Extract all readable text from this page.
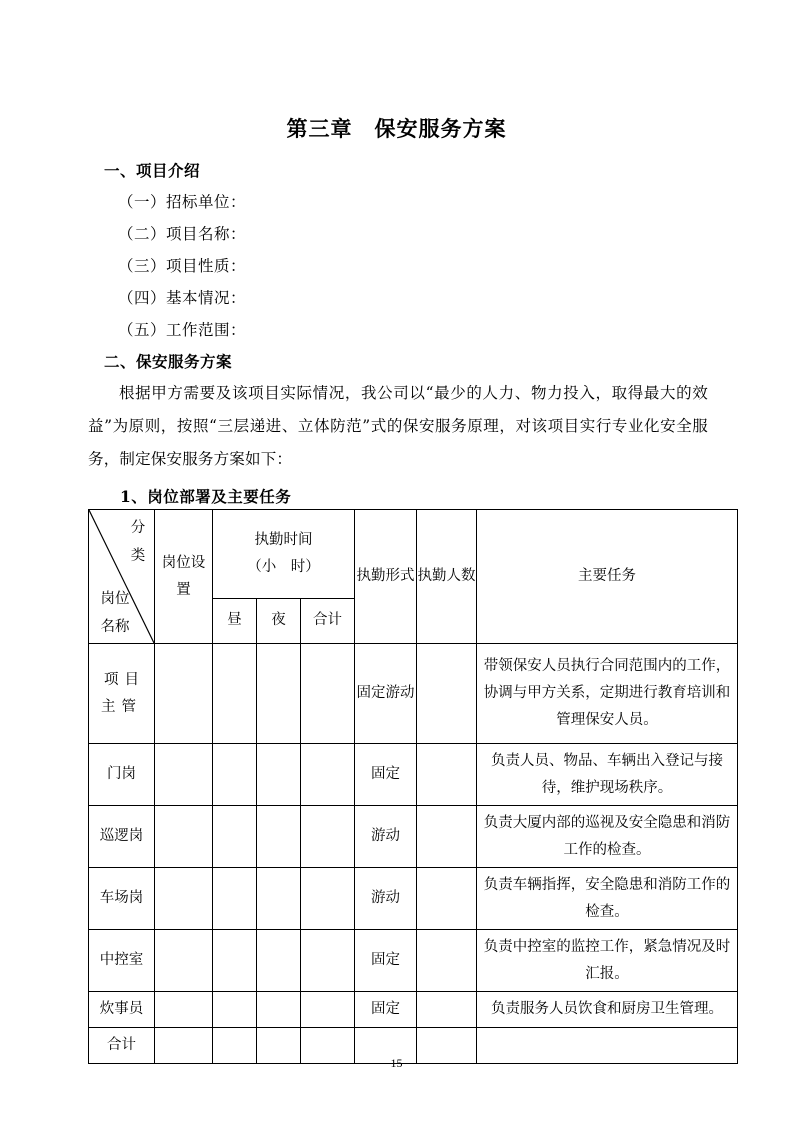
第三章　保安服务方案

一、项目介绍

（一）招标单位：

（二）项目名称：

（三）项目性质：

（四）基本情况：

（五）工作范围：

二、保安服务方案

根据甲方需要及该项目实际情况，我公司以“最少的人力、物力投入，取得最大的效益”为原则，按照“三层递进、立体防范”式的保安服务原理，对该项目实行专业化安全服务，制定保安服务方案如下：

1、岗位部署及主要任务

分类
岗位名称	岗位设置	执勤时间
（小　时）			执勤形式	执勤人数	主要任务
		昼	夜	合计			
项目主管					固定游动		带领保安人员执行合同范围内的工作，协调与甲方关系，定期进行教育培训和管理保安人员。
门岗					固定		负责人员、物品、车辆出入登记与接待，维护现场秩序。
巡逻岗					游动		负责大厦内部的巡视及安全隐患和消防工作的检查。
车场岗					游动		负责车辆指挥，安全隐患和消防工作的检查。
中控室					固定		负责中控室的监控工作，紧急情况及时汇报。
炊事员					固定		负责服务人员饮食和厨房卫生管理。
合计							
15
